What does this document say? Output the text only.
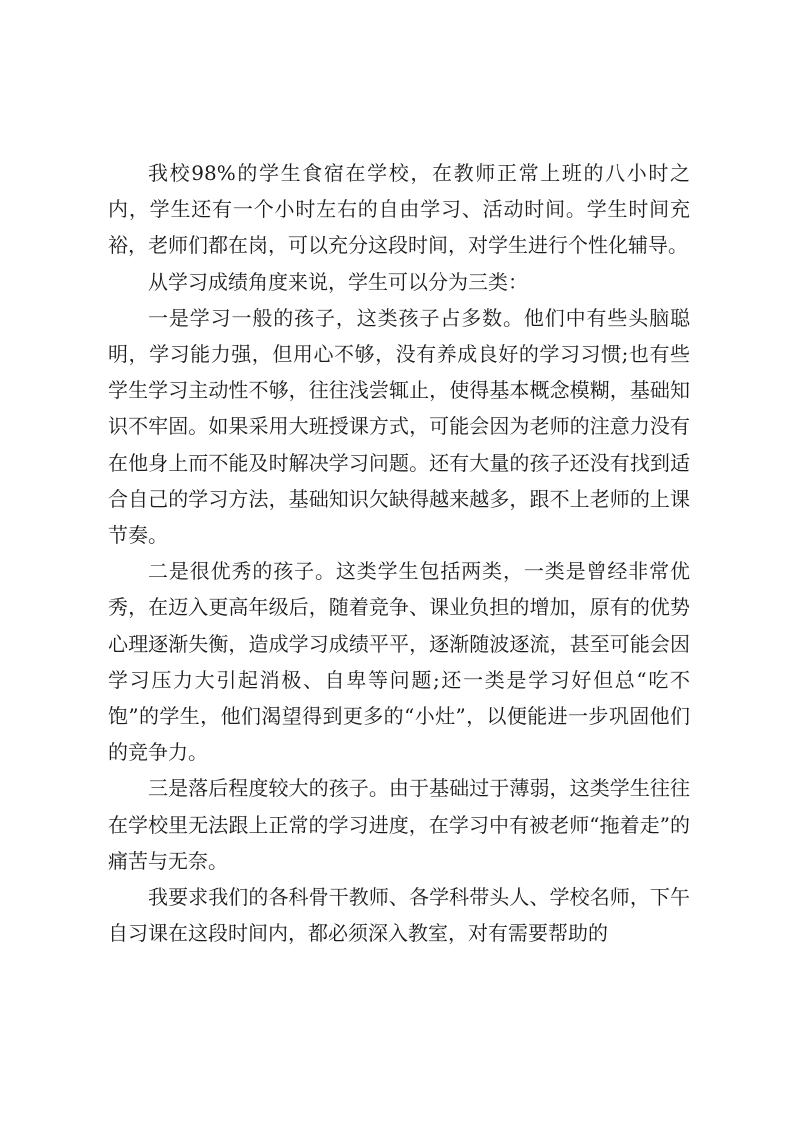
我校98%的学生食宿在学校，在教师正常上班的八小时之内，学生还有一个小时左右的自由学习、活动时间。学生时间充裕，老师们都在岗，可以充分这段时间，对学生进行个性化辅导。

从学习成绩角度来说，学生可以分为三类：

一是学习一般的孩子，这类孩子占多数。他们中有些头脑聪明，学习能力强，但用心不够，没有养成良好的学习习惯;也有些学生学习主动性不够，往往浅尝辄止，使得基本概念模糊，基础知识不牢固。如果采用大班授课方式，可能会因为老师的注意力没有在他身上而不能及时解决学习问题。还有大量的孩子还没有找到适合自己的学习方法，基础知识欠缺得越来越多，跟不上老师的上课节奏。

二是很优秀的孩子。这类学生包括两类，一类是曾经非常优秀，在迈入更高年级后，随着竞争、课业负担的增加，原有的优势心理逐渐失衡，造成学习成绩平平，逐渐随波逐流，甚至可能会因学习压力大引起消极、自卑等问题;还一类是学习好但总“吃不饱”的学生，他们渴望得到更多的“小灶”，以便能进一步巩固他们的竞争力。

三是落后程度较大的孩子。由于基础过于薄弱，这类学生往往在学校里无法跟上正常的学习进度，在学习中有被老师“拖着走”的痛苦与无奈。

我要求我们的各科骨干教师、各学科带头人、学校名师，下午自习课在这段时间内，都必须深入教室，对有需要帮助的
